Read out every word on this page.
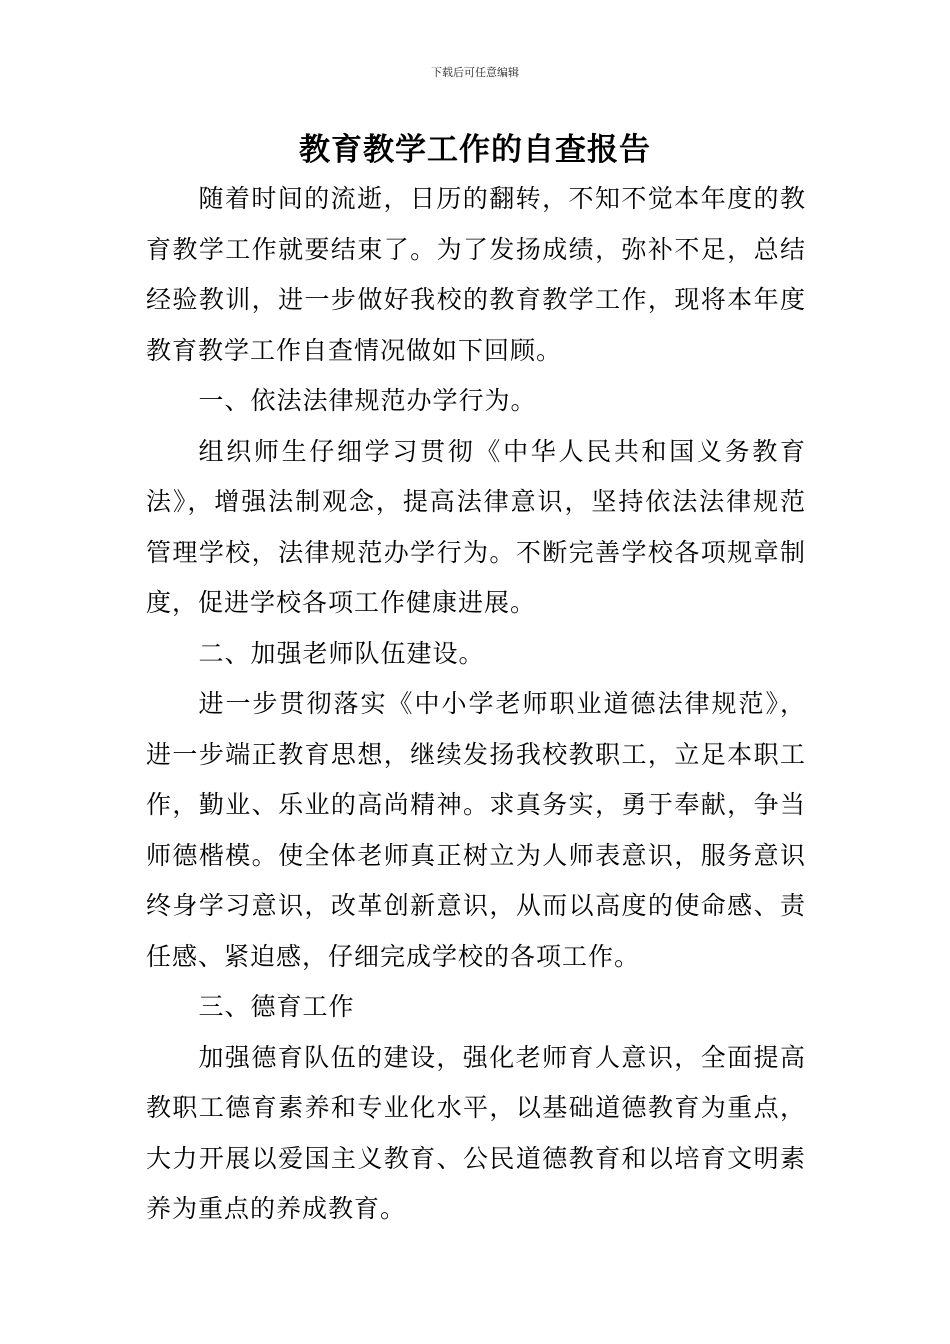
下载后可任意编辑
教育教学工作的自查报告

随着时间的流逝，日历的翻转，不知不觉本年度的教育教学工作就要结束了。为了发扬成绩，弥补不足，总结经验教训，进一步做好我校的教育教学工作，现将本年度教育教学工作自查情况做如下回顾。

一、依法法律规范办学行为。

组织师生仔细学习贯彻《中华人民共和国义务教育法》，增强法制观念，提高法律意识，坚持依法法律规范管理学校，法律规范办学行为。不断完善学校各项规章制度，促进学校各项工作健康进展。

二、加强老师队伍建设。

进一步贯彻落实《中小学老师职业道德法律规范》，进一步端正教育思想，继续发扬我校教职工，立足本职工作，勤业、乐业的高尚精神。求真务实，勇于奉献，争当师德楷模。使全体老师真正树立为人师表意识，服务意识终身学习意识，改革创新意识，从而以高度的使命感、责任感、紧迫感，仔细完成学校的各项工作。

三、德育工作

加强德育队伍的建设，强化老师育人意识，全面提高教职工德育素养和专业化水平，以基础道德教育为重点，大力开展以爱国主义教育、公民道德教育和以培育文明素养为重点的养成教育。
